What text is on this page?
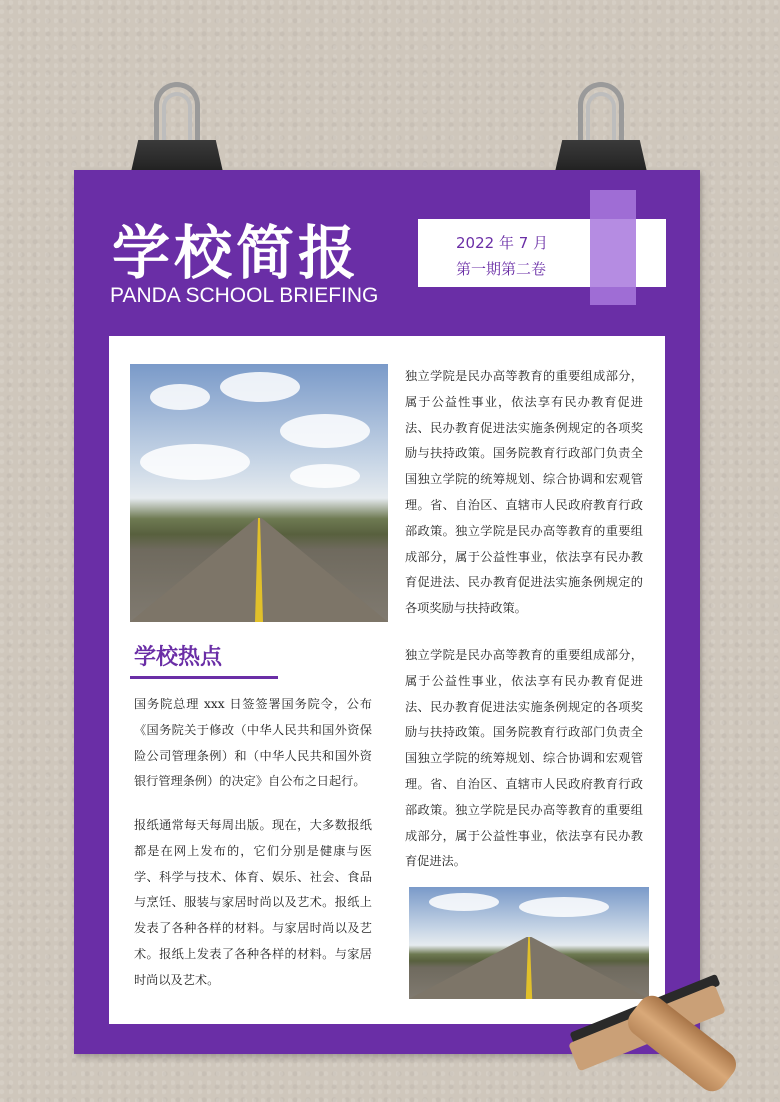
学校简报
PANDA SCHOOL BRIEFING
2022 年 7 月
第一期第二卷
学校热点
独立学院是民办高等教育的重要组成部分，属于公益性事业，依法享有民办教育促进法、民办教育促进法实施条例规定的各项奖励与扶持政策。国务院教育行政部门负责全国独立学院的统筹规划、综合协调和宏观管理。省、自治区、直辖市人民政府教育行政部政策。独立学院是民办高等教育的重要组成部分，属于公益性事业，依法享有民办教育促进法、民办教育促进法实施条例规定的各项奖励与扶持政策。
独立学院是民办高等教育的重要组成部分，属于公益性事业，依法享有民办教育促进法、民办教育促进法实施条例规定的各项奖励与扶持政策。国务院教育行政部门负责全国独立学院的统筹规划、综合协调和宏观管理。省、自治区、直辖市人民政府教育行政部政策。独立学院是民办高等教育的重要组成部分，属于公益性事业，依法享有民办教育促进法。
国务院总理 xxx 日签签署国务院令，公布《国务院关于修改（中华人民共和国外资保险公司管理条例）和（中华人民共和国外资银行管理条例）的决定》自公布之日起行。
报纸通常每天每周出版。现在，大多数报纸都是在网上发布的，它们分别是健康与医学、科学与技术、体育、娱乐、社会、食品与烹饪、服装与家居时尚以及艺术。报纸上发表了各种各样的材料。与家居时尚以及艺术。报纸上发表了各种各样的材料。与家居时尚以及艺术。
